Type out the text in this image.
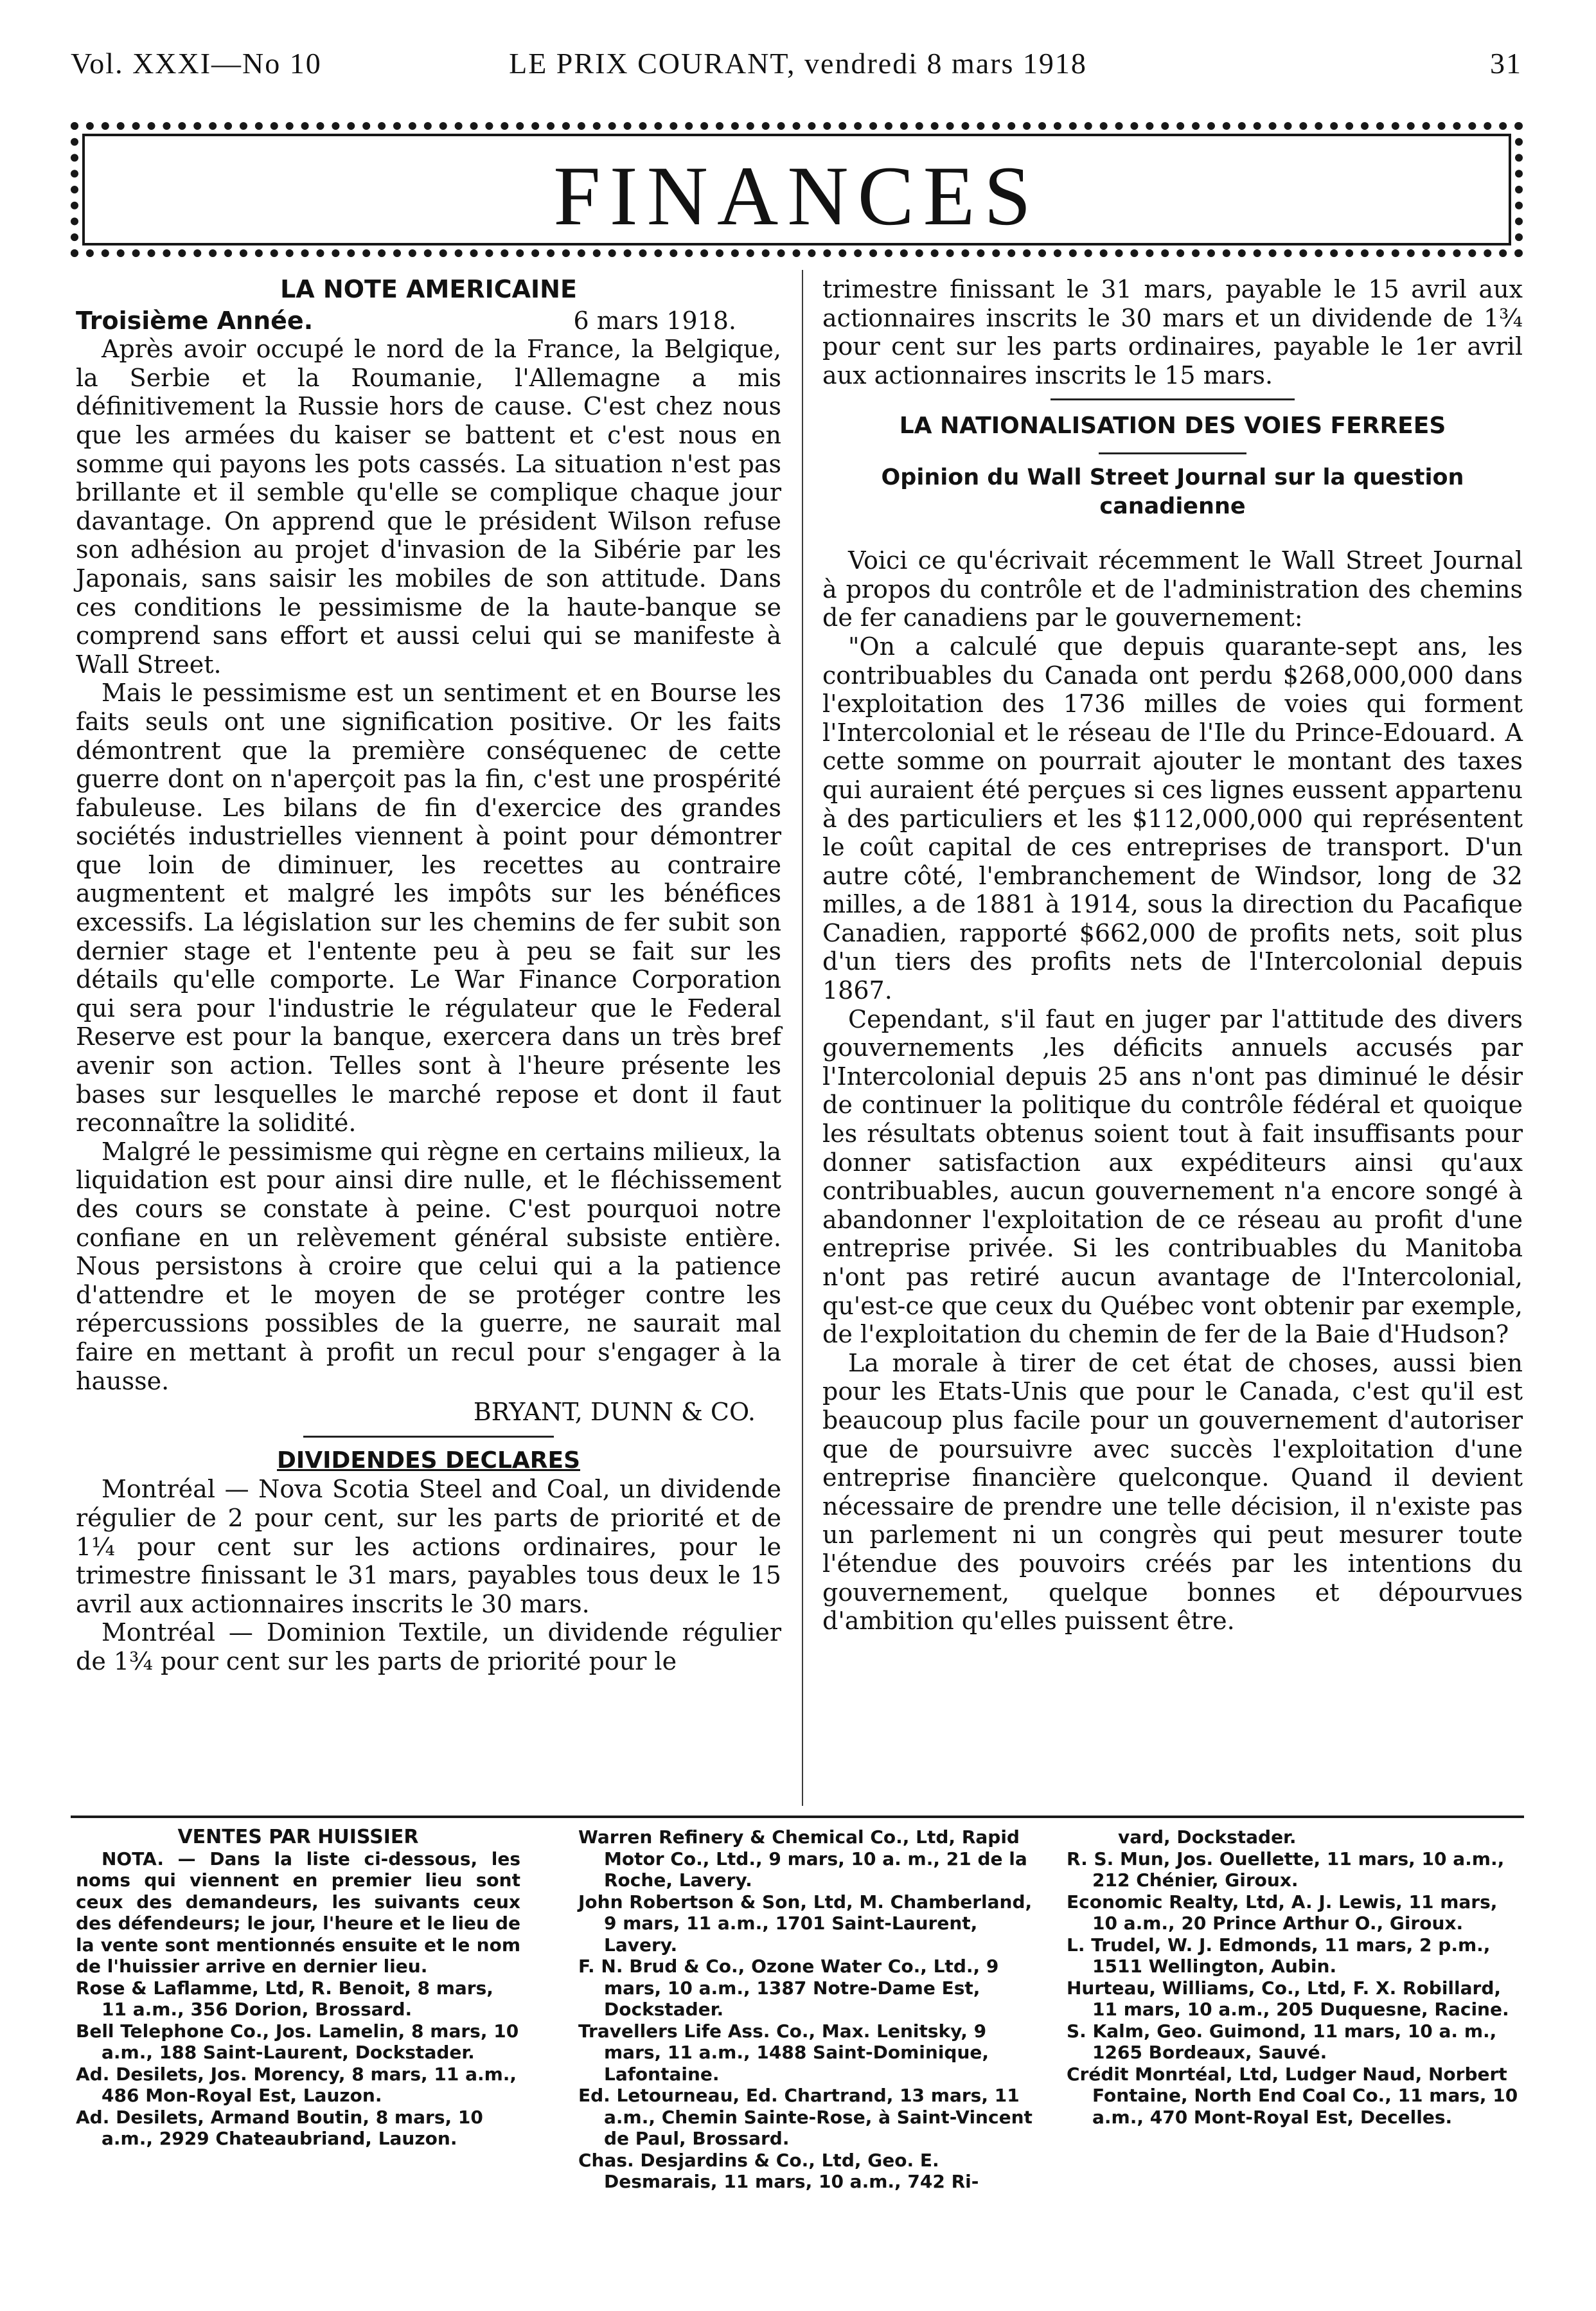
Vol. XXXI—No 10	LE PRIX COURANT, vendredi 8 mars 1918	31
FINANCES
LA NOTE AMERICAINE
Troisième Année.	6 mars 1918.

Après avoir occupé le nord de la France, la Belgique, la Serbie et la Roumanie, l'Allemagne a mis définitivement la Russie hors de cause. C'est chez nous que les armées du kaiser se battent et c'est nous en somme qui payons les pots cassés. La situation n'est pas brillante et il semble qu'elle se complique chaque jour davantage. On apprend que le président Wilson refuse son adhésion au projet d'invasion de la Sibérie par les Japonais, sans saisir les mobiles de son attitude. Dans ces conditions le pessimisme de la haute-banque se comprend sans effort et aussi celui qui se manifeste à Wall Street.

Mais le pessimisme est un sentiment et en Bourse les faits seuls ont une signification positive. Or les faits démontrent que la première conséquenec de cette guerre dont on n'aperçoit pas la fin, c'est une prospérité fabuleuse. Les bilans de fin d'exercice des grandes sociétés industrielles viennent à point pour démontrer que loin de diminuer, les recettes au contraire augmentent et malgré les impôts sur les bénéfices excessifs. La législation sur les chemins de fer subit son dernier stage et l'entente peu à peu se fait sur les détails qu'elle comporte. Le War Finance Corporation qui sera pour l'industrie le régulateur que le Federal Reserve est pour la banque, exercera dans un très bref avenir son action. Telles sont à l'heure présente les bases sur lesquelles le marché repose et dont il faut reconnaître la solidité.

Malgré le pessimisme qui règne en certains milieux, la liquidation est pour ainsi dire nulle, et le fléchissement des cours se constate à peine. C'est pourquoi notre confiane en un relèvement général subsiste entière. Nous persistons à croire que celui qui a la patience d'attendre et le moyen de se protéger contre les répercussions possibles de la guerre, ne saurait mal faire en mettant à profit un recul pour s'engager à la hausse.

BRYANT, DUNN & CO.
DIVIDENDES DECLARES

Montréal — Nova Scotia Steel and Coal, un dividende régulier de 2 pour cent, sur les parts de priorité et de 1¼ pour cent sur les actions ordinaires, pour le trimestre finissant le 31 mars, payables tous deux le 15 avril aux actionnaires inscrits le 30 mars.

Montréal — Dominion Textile, un dividende régulier de 1¾ pour cent sur les parts de priorité pour le

trimestre finissant le 31 mars, payable le 15 avril aux actionnaires inscrits le 30 mars et un dividende de 1¾ pour cent sur les parts ordinaires, payable le 1er avril aux actionnaires inscrits le 15 mars.

LA NATIONALISATION DES VOIES FERREES
Opinion du Wall Street Journal sur la question canadienne

Voici ce qu'écrivait récemment le Wall Street Journal à propos du contrôle et de l'administration des chemins de fer canadiens par le gouvernement:

"On a calculé que depuis quarante-sept ans, les contribuables du Canada ont perdu $268,000,000 dans l'exploitation des 1736 milles de voies qui forment l'Intercolonial et le réseau de l'Ile du Prince-Edouard. A cette somme on pourrait ajouter le montant des taxes qui auraient été perçues si ces lignes eussent appartenu à des particuliers et les $112,000,000 qui représentent le coût capital de ces entreprises de transport. D'un autre côté, l'embranchement de Windsor, long de 32 milles, a de 1881 à 1914, sous la direction du Pacafique Canadien, rapporté $662,000 de profits nets, soit plus d'un tiers des profits nets de l'Intercolonial depuis 1867.

Cependant, s'il faut en juger par l'attitude des divers gouvernements ,les déficits annuels accusés par l'Intercolonial depuis 25 ans n'ont pas diminué le désir de continuer la politique du contrôle fédéral et quoique les résultats obtenus soient tout à fait insuffisants pour donner satisfaction aux expéditeurs ainsi qu'aux contribuables, aucun gouvernement n'a encore songé à abandonner l'exploitation de ce réseau au profit d'une entreprise privée. Si les contribuables du Manitoba n'ont pas retiré aucun avantage de l'Intercolonial, qu'est-ce que ceux du Québec vont obtenir par exemple, de l'exploitation du chemin de fer de la Baie d'Hudson?

La morale à tirer de cet état de choses, aussi bien pour les Etats-Unis que pour le Canada, c'est qu'il est beaucoup plus facile pour un gouvernement d'autoriser que de poursuivre avec succès l'exploitation d'une entreprise financière quelconque. Quand il devient nécessaire de prendre une telle décision, il n'existe pas un parlement ni un congrès qui peut mesurer toute l'étendue des pouvoirs créés par les intentions du gouvernement, quelque bonnes et dépourvues d'ambition qu'elles puissent être.

VENTES PAR HUISSIER

NOTA. — Dans la liste ci-dessous, les noms qui viennent en premier lieu sont ceux des demandeurs, les suivants ceux des défendeurs; le jour, l'heure et le lieu de la vente sont mentionnés ensuite et le nom de l'huissier arrive en dernier lieu.

Rose & Laflamme, Ltd, R. Benoit, 8 mars, 11 a.m., 356 Dorion, Brossard.

Bell Telephone Co., Jos. Lamelin, 8 mars, 10 a.m., 188 Saint-Laurent, Dockstader.

Ad. Desilets, Jos. Morency, 8 mars, 11 a.m., 486 Mon-Royal Est, Lauzon.

Ad. Desilets, Armand Boutin, 8 mars, 10 a.m., 2929 Chateaubriand, Lauzon.

Warren Refinery & Chemical Co., Ltd, Rapid Motor Co., Ltd., 9 mars, 10 a. m., 21 de la Roche, Lavery.

John Robertson & Son, Ltd, M. Chamberland, 9 mars, 11 a.m., 1701 Saint-Laurent, Lavery.

F. N. Brud & Co., Ozone Water Co., Ltd., 9 mars, 10 a.m., 1387 Notre-Dame Est, Dockstader.

Travellers Life Ass. Co., Max. Lenitsky, 9 mars, 11 a.m., 1488 Saint-Dominique, Lafontaine.

Ed. Letourneau, Ed. Chartrand, 13 mars, 11 a.m., Chemin Sainte-Rose, à Saint-Vincent de Paul, Brossard.

Chas. Desjardins & Co., Ltd, Geo. E. Desmarais, 11 mars, 10 a.m., 742 Ri-

vard, Dockstader.

R. S. Mun, Jos. Ouellette, 11 mars, 10 a.m., 212 Chénier, Giroux.

Economic Realty, Ltd, A. J. Lewis, 11 mars, 10 a.m., 20 Prince Arthur O., Giroux.

L. Trudel, W. J. Edmonds, 11 mars, 2 p.m., 1511 Wellington, Aubin.

Hurteau, Williams, Co., Ltd, F. X. Robillard, 11 mars, 10 a.m., 205 Duquesne, Racine.

S. Kalm, Geo. Guimond, 11 mars, 10 a. m., 1265 Bordeaux, Sauvé.

Crédit Monrtéal, Ltd, Ludger Naud, Norbert Fontaine, North End Coal Co., 11 mars, 10 a.m., 470 Mont-Royal Est, Decelles.
